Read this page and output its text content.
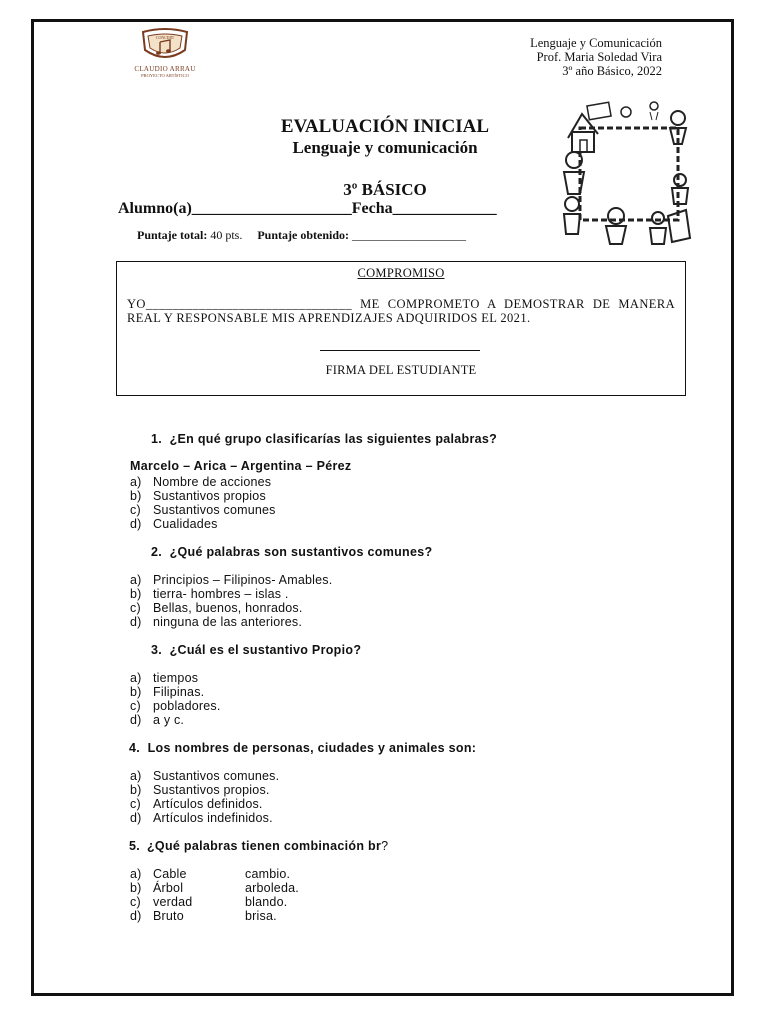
CONCERT
CLAUDIO ARRAU
PROYECTO ARTÍSTICO
Lenguaje y Comunicación
Prof. Maria Soledad Vira
3º año Básico, 2022
EVALUACIÓN INICIAL
Lenguaje y comunicación
3º BÁSICO
Alumno(a)____________________Fecha_____________
Puntaje total: 40 pts. Puntaje obtenido: ___________________
COMPROMISO
YO_______________________________ ME COMPROMETO A DEMOSTRAR DE MANERA REAL Y RESPONSABLE MIS APRENDIZAJES ADQUIRIDOS EL 2021.
FIRMA DEL ESTUDIANTE
1. ¿En qué grupo clasificarías las siguientes palabras?
Marcelo – Arica – Argentina – Pérez
a) Nombre de acciones
b) Sustantivos propios
c) Sustantivos comunes
d) Cualidades
2. ¿Qué palabras son sustantivos comunes?
a) Principios – Filipinos- Amables.
b) tierra- hombres – islas .
c) Bellas, buenos, honrados.
d) ninguna de las anteriores.
3. ¿Cuál es el sustantivo Propio?
a) tiempos
b) Filipinas.
c) pobladores.
d) a y c.
4. Los nombres de personas, ciudades y animales son:
a) Sustantivos comunes.
b) Sustantivos propios.
c) Artículos definidos.
d) Artículos indefinidos.
5. ¿Qué palabras tienen combinación br?
a) Cable	cambio.
b) Árbol	arboleda.
c) verdad	blando.
d) Bruto	brisa.
